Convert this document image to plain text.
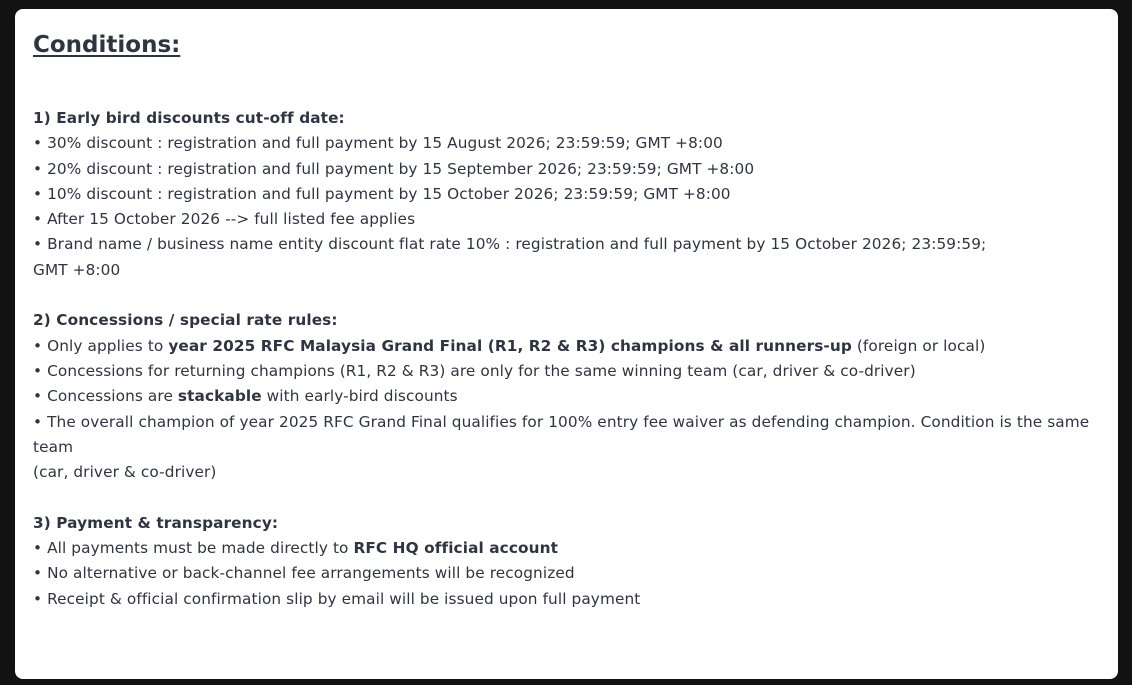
Conditions:
1) Early bird discounts cut-off date:
• 30% discount : registration and full payment by 15 August 2026; 23:59:59; GMT +8:00
• 20% discount : registration and full payment by 15 September 2026; 23:59:59; GMT +8:00
• 10% discount : registration and full payment by 15 October 2026; 23:59:59; GMT +8:00
• After 15 October 2026 --> full listed fee applies
• Brand name / business name entity discount flat rate 10% : registration and full payment by 15 October 2026; 23:59:59;
GMT +8:00
2) Concessions / special rate rules:
• Only applies to year 2025 RFC Malaysia Grand Final (R1, R2 & R3) champions & all runners-up (foreign or local)
• Concessions for returning champions (R1, R2 & R3) are only for the same winning team (car, driver & co-driver)
• Concessions are stackable with early-bird discounts
• The overall champion of year 2025 RFC Grand Final qualifies for 100% entry fee waiver as defending champion. Condition is the same team
(car, driver & co-driver)
3) Payment & transparency:
• All payments must be made directly to RFC HQ official account
• No alternative or back-channel fee arrangements will be recognized
• Receipt & official confirmation slip by email will be issued upon full payment
